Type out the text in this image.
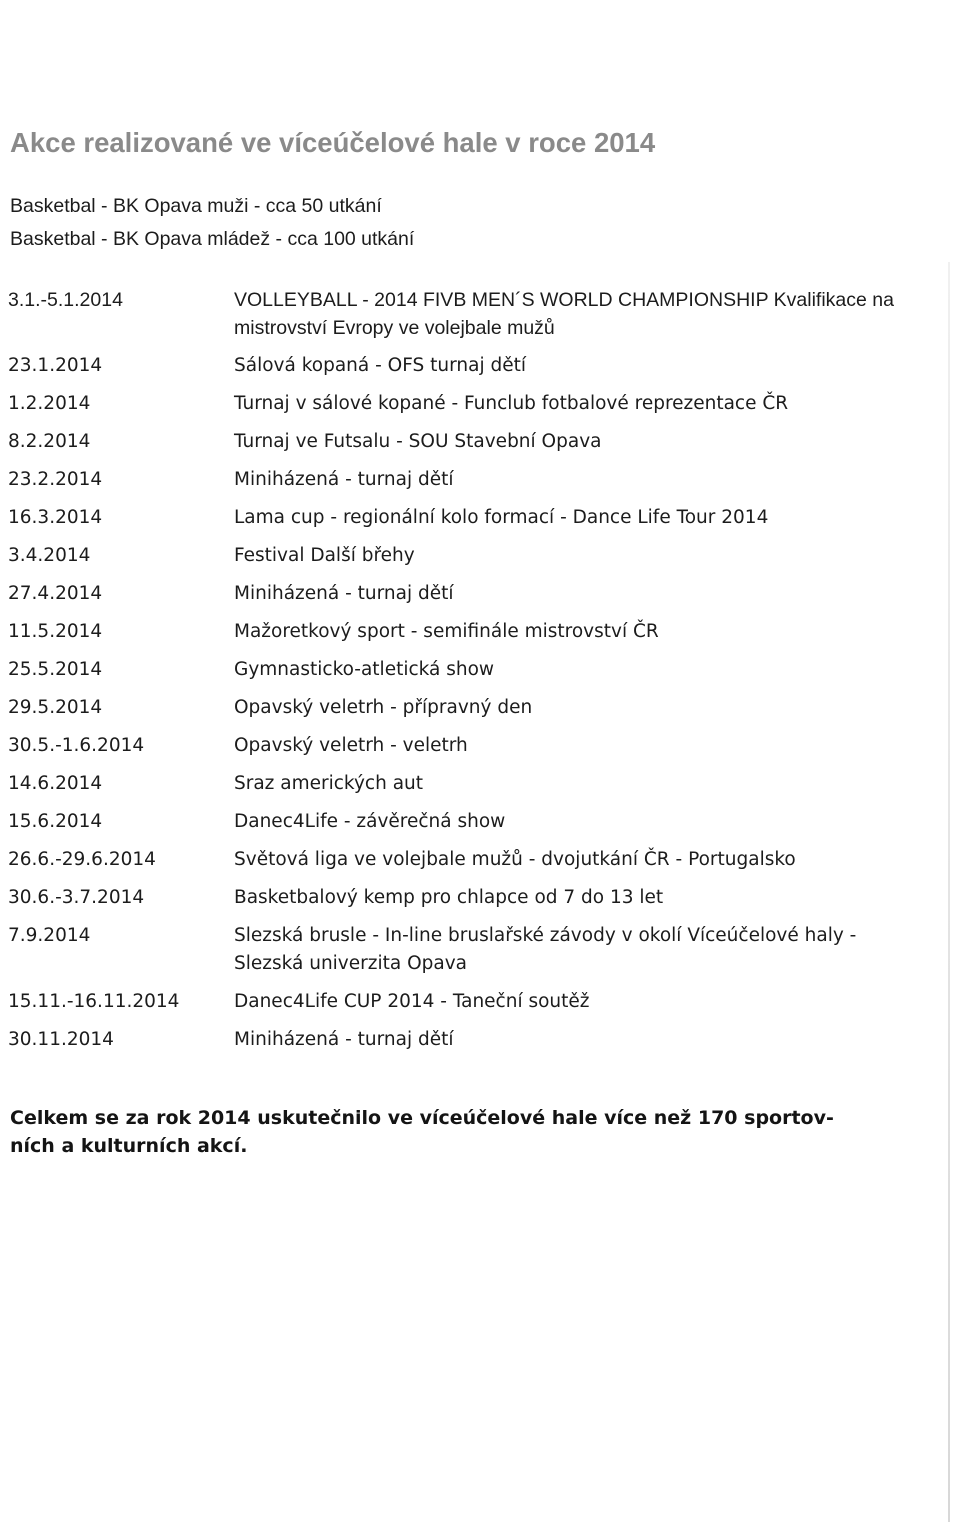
Akce realizované ve víceúčelové hale v roce 2014
Basketbal - BK Opava muži - cca 50 utkání
Basketbal - BK Opava mládež - cca 100 utkání
3.1.-5.1.2014	VOLLEYBALL - 2014 FIVB MEN´S WORLD CHAMPIONSHIP Kvalifikace na mistrovství Evropy ve volejbale mužů
23.1.2014	Sálová kopaná - OFS turnaj dětí
1.2.2014	Turnaj v sálové kopané - Funclub fotbalové reprezentace ČR
8.2.2014	Turnaj ve Futsalu - SOU Stavební Opava
23.2.2014	Miniházená - turnaj dětí
16.3.2014	Lama cup - regionální kolo formací - Dance Life Tour 2014
3.4.2014	Festival Další břehy
27.4.2014	Miniházená - turnaj dětí
11.5.2014	Mažoretkový sport - semifinále mistrovství ČR
25.5.2014	Gymnasticko-atletická show
29.5.2014	Opavský veletrh - přípravný den
30.5.-1.6.2014	Opavský veletrh - veletrh
14.6.2014	Sraz amerických aut
15.6.2014	Danec4Life - závěrečná show
26.6.-29.6.2014	Světová liga ve volejbale mužů - dvojutkání ČR - Portugalsko
30.6.-3.7.2014	Basketbalový kemp pro chlapce od 7 do 13 let
7.9.2014	Slezská brusle - In-line bruslařské závody v okolí Víceúčelové haly - Slezská univerzita Opava
15.11.-16.11.2014	Danec4Life CUP 2014 - Taneční soutěž
30.11.2014	Miniházená - turnaj dětí

Celkem se za rok 2014 uskutečnilo ve víceúčelové hale více než 170 sportov-ních a kulturních akcí.
